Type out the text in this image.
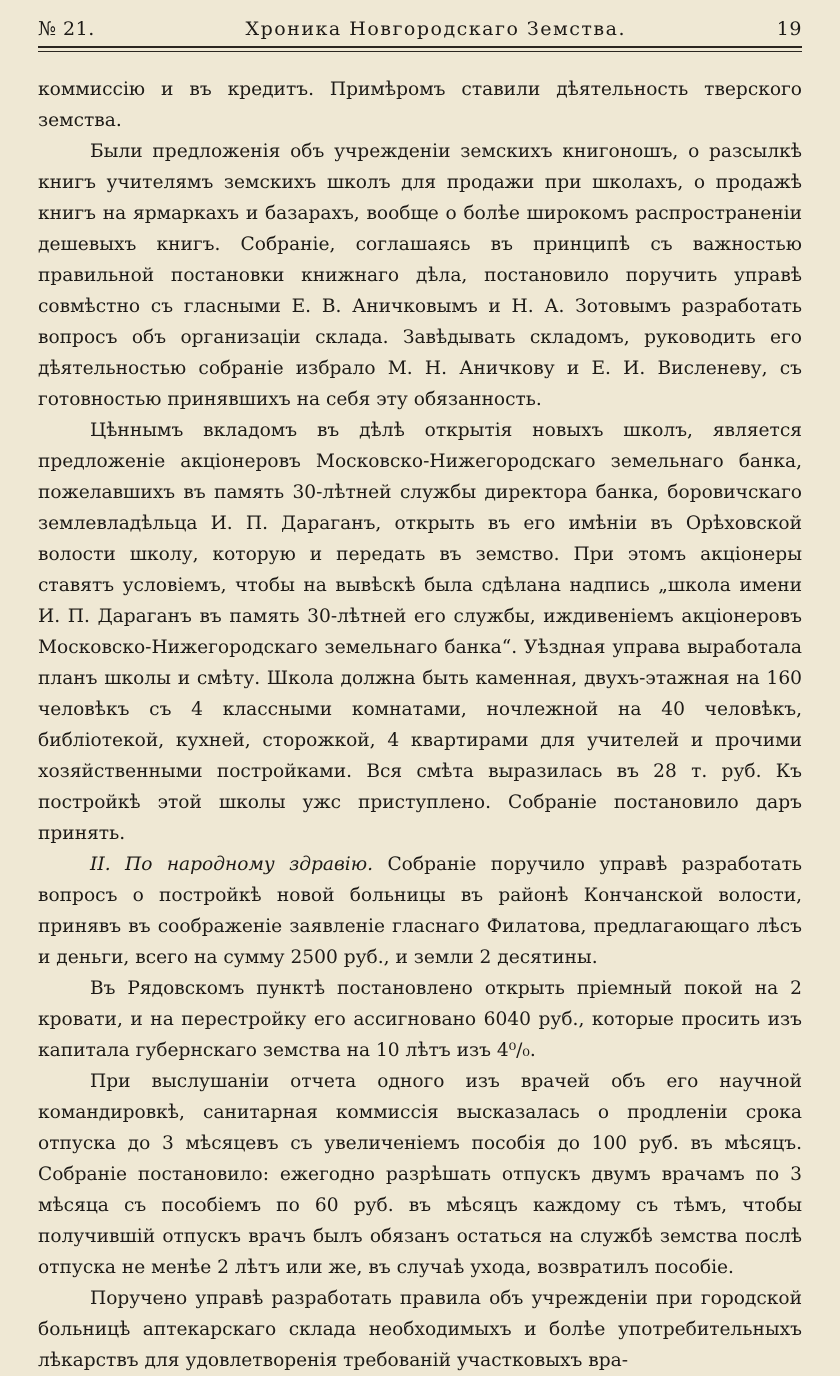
№ 21.	Хроника Новгородскаго Земства.	19

коммиссiю и въ кредитъ. Примѣромъ ставили дѣятельность тверского земства.

Были предложенiя объ учрежденiи земскихъ книгоношъ, о разсылкѣ книгъ учителямъ земскихъ школъ для продажи при школахъ, о продажѣ книгъ на ярмаркахъ и базарахъ, вообще о болѣе широкомъ распространенiи дешевыхъ книгъ. Собранiе, соглашаясь въ принципѣ съ важностью правильной постановки книжнаго дѣла, постановило поручить управѣ совмѣстно съ гласными Е. В. Аничковымъ и Н. А. Зотовымъ разработать вопросъ объ организацiи склада. Завѣдывать складомъ, руководить его дѣятельностью собранiе избрало М. Н. Аничкову и Е. И. Висленеву, съ готовностью принявшихъ на себя эту обязанность.

Цѣннымъ вкладомъ въ дѣлѣ открытiя новыхъ школъ, является предложенiе акцiонеровъ Московско-Нижегородскаго земельнаго банка, пожелавшихъ въ память 30-лѣтней службы директора банка, боровичскаго землевладѣльца И. П. Дараганъ, открыть въ его имѣнiи въ Орѣховской волости школу, которую и передать въ земство. При этомъ акцiонеры ставятъ условiемъ, чтобы на вывѣскѣ была сдѣлана надпись „школа имени И. П. Дараганъ въ память 30-лѣтней его службы, иждивенiемъ акцiонеровъ Московско-Нижегородскаго земельнаго банка“. Уѣздная управа выработала планъ школы и смѣту. Школа должна быть каменная, двухъ-этажная на 160 человѣкъ съ 4 классными комнатами, ночлежной на 40 человѣкъ, библiотекой, кухней, сторожкой, 4 квартирами для учителей и прочими хозяйственными постройками. Вся смѣта выразилась въ 28 т. руб. Къ постройкѣ этой школы ужс приступлено. Собранiе постановило даръ принять.

II. По народному здравiю. Собранiе поручило управѣ разработать вопросъ о постройкѣ новой больницы въ районѣ Кончанской волости, принявъ въ соображенiе заявленiе гласнаго Филатова, предлагающаго лѣсъ и деньги, всего на сумму 2500 руб., и земли 2 десятины.

Въ Рядовскомъ пунктѣ постановлено открыть прiемный покой на 2 кровати, и на перестройку его ассигновано 6040 руб., которые просить изъ капитала губернскаго земства на 10 лѣтъ изъ 4⁰/₀.

При выслушанiи отчета одного изъ врачей объ его научной командировкѣ, санитарная коммиссiя высказалась о продленiи срока отпуска до 3 мѣсяцевъ съ увеличенiемъ пособiя до 100 руб. въ мѣсяцъ. Собранiе постановило: ежегодно разрѣшать отпускъ двумъ врачамъ по 3 мѣсяца съ пособiемъ по 60 руб. въ мѣсяцъ каждому съ тѣмъ, чтобы получившiй отпускъ врачъ былъ обязанъ остаться на службѣ земства послѣ отпуска не менѣе 2 лѣтъ или же, въ случаѣ ухода, возвратилъ пособiе.

Поручено управѣ разработать правила объ учрежденiи при городской больницѣ аптекарскаго склада необходимыхъ и болѣе употребительныхъ лѣкарствъ для удовлетворенiя требованiй участковыхъ вра-
